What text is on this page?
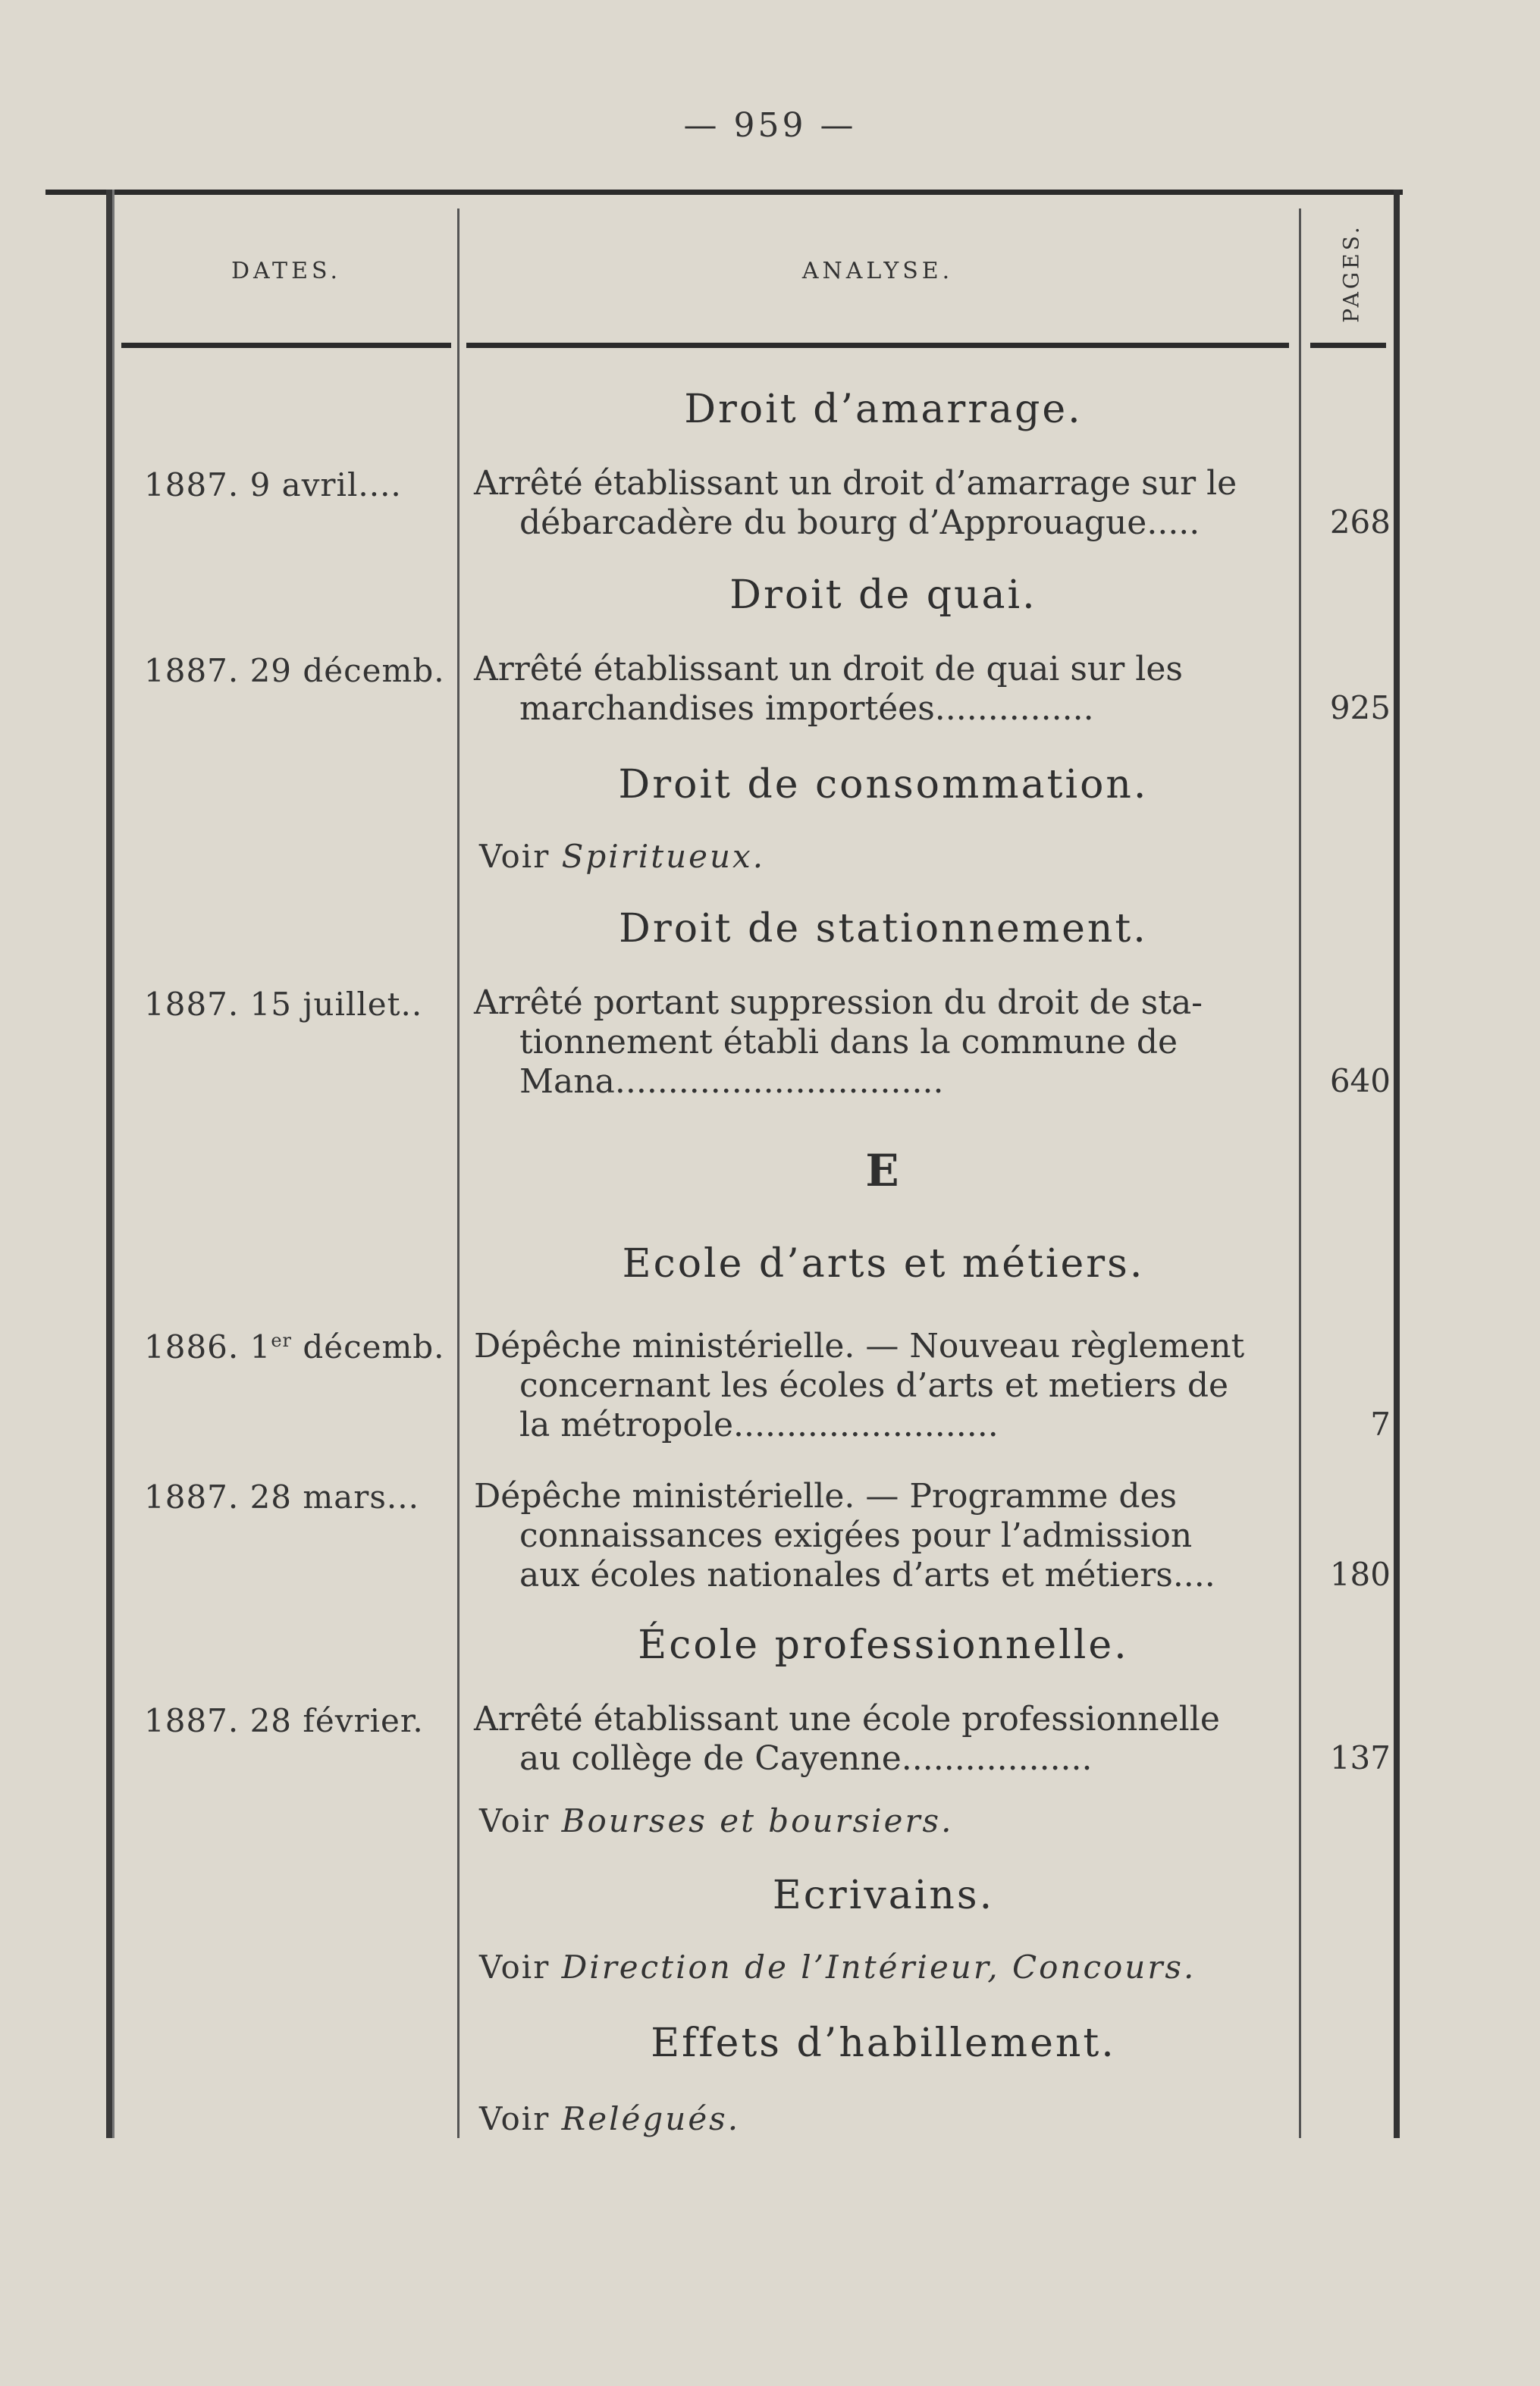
— 959 —
DATES.	ANALYSE.	PAGES.
Droit d’amarrage.
1887. 9 avril....	Arrêté établissant un droit d’amarrage sur le
débarcadère du bourg d’Approuague.....	268
Droit de quai.
1887. 29 décemb. Arrêté établissant un droit de quai sur les
marchandises importées...............	925
Droit de consommation.
Voir Spiritueux.
Droit de stationnement.
1887. 15 juillet..	Arrêté portant suppression du droit de sta-
tionnement établi dans la commune de
Mana...............................	640
E
Ecole d’arts et métiers.
1886. 1er décemb. Dépêche ministérielle. — Nouveau règlement
concernant les écoles d’arts et metiers de
la métropole.........................	7
1887. 28 mars...	Dépêche ministérielle. — Programme des
connaissances exigées pour l’admission
aux écoles nationales d’arts et métiers....	180
École professionnelle.
1887. 28 février.	Arrêté établissant une école professionnelle
au collège de Cayenne..................	137
Voir Bourses et boursiers.
Ecrivains.
Voir Direction de l’Intérieur, Concours.
Effets d’habillement.
Voir Relégués.
